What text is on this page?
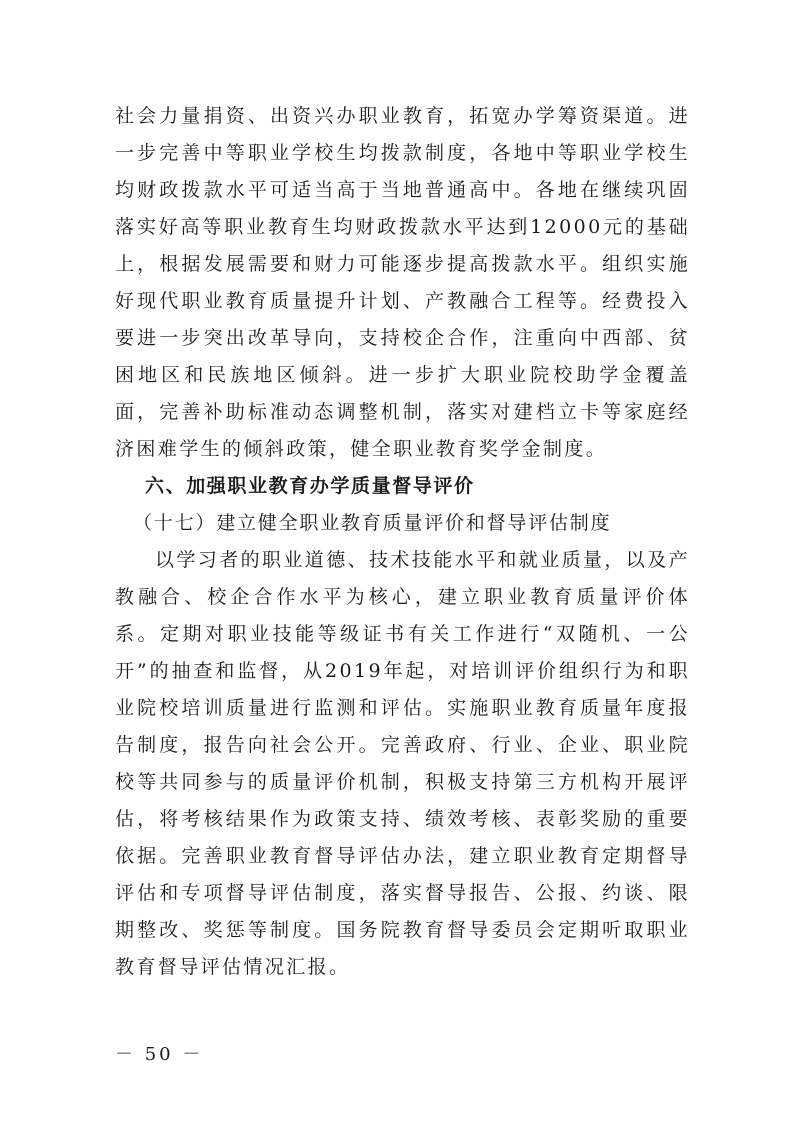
社会力量捐资、出资兴办职业教育，拓宽办学筹资渠道。进一步完善中等职业学校生均拨款制度，各地中等职业学校生均财政拨款水平可适当高于当地普通高中。各地在继续巩固落实好高等职业教育生均财政拨款水平达到12000元的基础上，根据发展需要和财力可能逐步提高拨款水平。组织实施好现代职业教育质量提升计划、产教融合工程等。经费投入要进一步突出改革导向，支持校企合作，注重向中西部、贫困地区和民族地区倾斜。进一步扩大职业院校助学金覆盖面，完善补助标准动态调整机制，落实对建档立卡等家庭经济困难学生的倾斜政策，健全职业教育奖学金制度。

六、加强职业教育办学质量督导评价

（十七）建立健全职业教育质量评价和督导评估制度

以学习者的职业道德、技术技能水平和就业质量，以及产教融合、校企合作水平为核心，建立职业教育质量评价体系。定期对职业技能等级证书有关工作进行“双随机、一公开”的抽查和监督，从2019年起，对培训评价组织行为和职业院校培训质量进行监测和评估。实施职业教育质量年度报告制度，报告向社会公开。完善政府、行业、企业、职业院校等共同参与的质量评价机制，积极支持第三方机构开展评估，将考核结果作为政策支持、绩效考核、表彰奖励的重要依据。完善职业教育督导评估办法，建立职业教育定期督导评估和专项督导评估制度，落实督导报告、公报、约谈、限期整改、奖惩等制度。国务院教育督导委员会定期听取职业教育督导评估情况汇报。

－ 50 －
